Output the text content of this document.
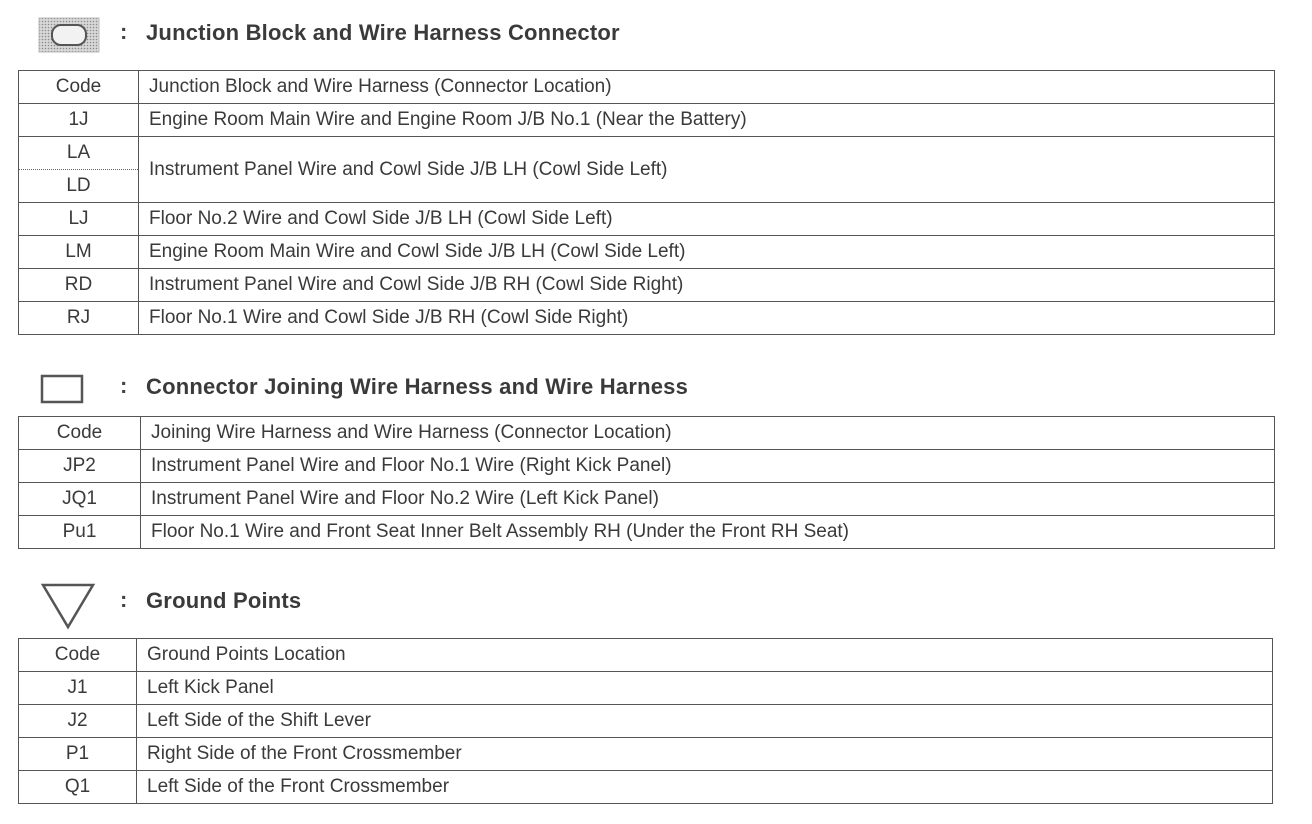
: Junction Block and Wire Harness Connector
Code	Junction Block and Wire Harness (Connector Location)
1J	Engine Room Main Wire and Engine Room J/B No.1 (Near the Battery)
LA	Instrument Panel Wire and Cowl Side J/B LH (Cowl Side Left)
LD	
LJ	Floor No.2 Wire and Cowl Side J/B LH (Cowl Side Left)
LM	Engine Room Main Wire and Cowl Side J/B LH (Cowl Side Left)
RD	Instrument Panel Wire and Cowl Side J/B RH (Cowl Side Right)
RJ	Floor No.1 Wire and Cowl Side J/B RH (Cowl Side Right)
: Connector Joining Wire Harness and Wire Harness
Code	Joining Wire Harness and Wire Harness (Connector Location)
JP2	Instrument Panel Wire and Floor No.1 Wire (Right Kick Panel)
JQ1	Instrument Panel Wire and Floor No.2 Wire (Left Kick Panel)
Pu1	Floor No.1 Wire and Front Seat Inner Belt Assembly RH (Under the Front RH Seat)
: Ground Points
Code	Ground Points Location
J1	Left Kick Panel
J2	Left Side of the Shift Lever
P1	Right Side of the Front Crossmember
Q1	Left Side of the Front Crossmember
